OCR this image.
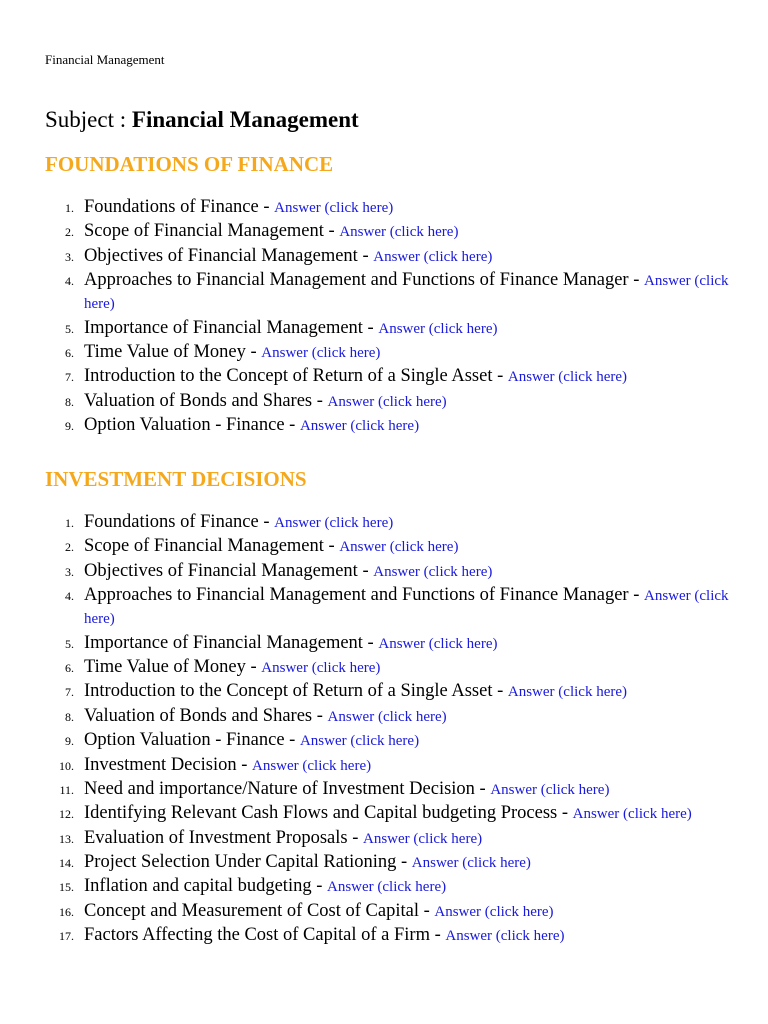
Financial Management
Subject : Financial Management
FOUNDATIONS OF FINANCE
1. Foundations of Finance - Answer (click here)
2. Scope of Financial Management - Answer (click here)
3. Objectives of Financial Management - Answer (click here)
4. Approaches to Financial Management and Functions of Finance Manager - Answer (click here)
5. Importance of Financial Management - Answer (click here)
6. Time Value of Money - Answer (click here)
7. Introduction to the Concept of Return of a Single Asset - Answer (click here)
8. Valuation of Bonds and Shares - Answer (click here)
9. Option Valuation - Finance - Answer (click here)
INVESTMENT DECISIONS
1. Foundations of Finance - Answer (click here)
2. Scope of Financial Management - Answer (click here)
3. Objectives of Financial Management - Answer (click here)
4. Approaches to Financial Management and Functions of Finance Manager - Answer (click here)
5. Importance of Financial Management - Answer (click here)
6. Time Value of Money - Answer (click here)
7. Introduction to the Concept of Return of a Single Asset - Answer (click here)
8. Valuation of Bonds and Shares - Answer (click here)
9. Option Valuation - Finance - Answer (click here)
10. Investment Decision - Answer (click here)
11. Need and importance/Nature of Investment Decision - Answer (click here)
12. Identifying Relevant Cash Flows and Capital budgeting Process - Answer (click here)
13. Evaluation of Investment Proposals - Answer (click here)
14. Project Selection Under Capital Rationing - Answer (click here)
15. Inflation and capital budgeting - Answer (click here)
16. Concept and Measurement of Cost of Capital - Answer (click here)
17. Factors Affecting the Cost of Capital of a Firm - Answer (click here)
